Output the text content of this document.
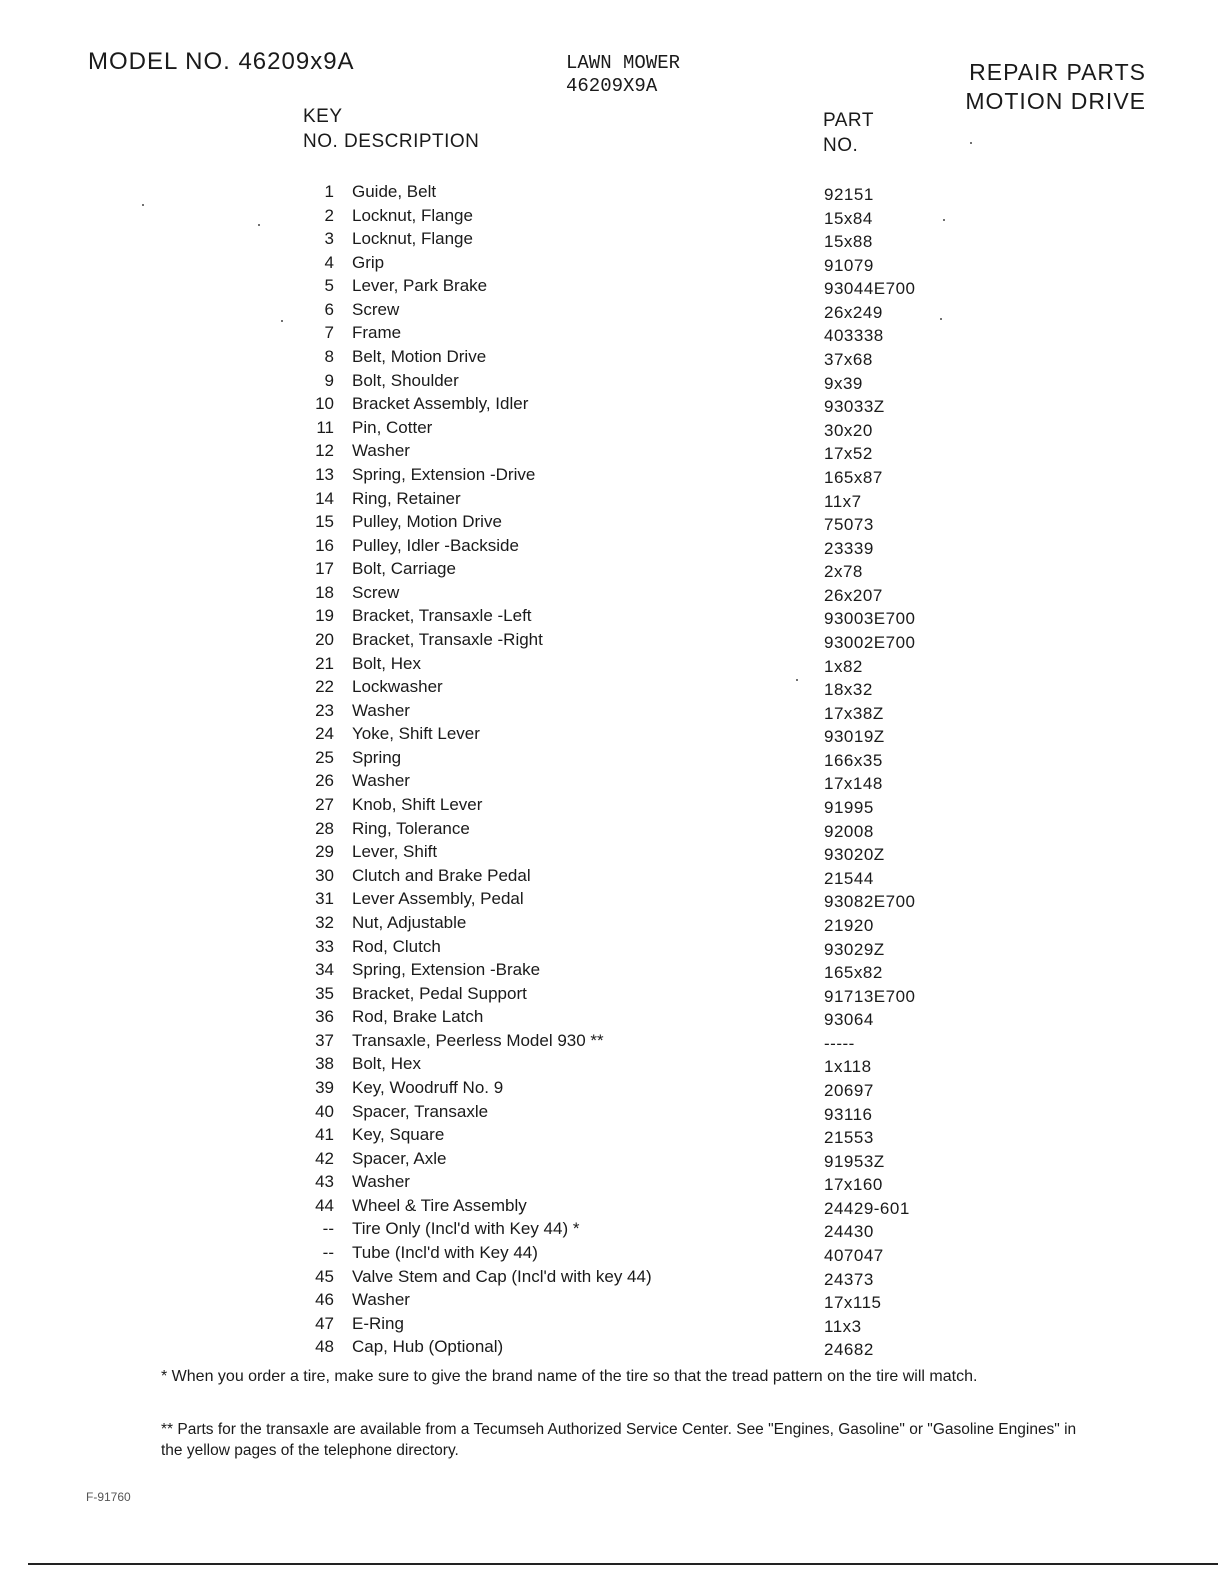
MODEL NO. 46209x9A	LAWN MOWER
46209X9A
REPAIR PARTS
MOTION DRIVE
KEY
NO. DESCRIPTION
PART
NO.
1 Guide, Belt	92151
2 Locknut, Flange	15x84
3 Locknut, Flange	15x88
4 Grip	91079
5 Lever, Park Brake	93044E700
6 Screw	26x249
7 Frame	403338
8 Belt, Motion Drive	37x68
9 Bolt, Shoulder	9x39
10 Bracket Assembly, Idler	93033Z
11 Pin, Cotter	30x20
12 Washer	17x52
13 Spring, Extension -Drive	165x87
14 Ring, Retainer	11x7
15 Pulley, Motion Drive	75073
16 Pulley, Idler -Backside	23339
17 Bolt, Carriage	2x78
18 Screw	26x207
19 Bracket, Transaxle -Left	93003E700
20 Bracket, Transaxle -Right	93002E700
21 Bolt, Hex	1x82
22 Lockwasher	18x32
23 Washer	17x38Z
24 Yoke, Shift Lever	93019Z
25 Spring	166x35
26 Washer	17x148
27 Knob, Shift Lever	91995
28 Ring, Tolerance	92008
29 Lever, Shift	93020Z
30 Clutch and Brake Pedal	21544
31 Lever Assembly, Pedal	93082E700
32 Nut, Adjustable	21920
33 Rod, Clutch	93029Z
34 Spring, Extension -Brake	165x82
35 Bracket, Pedal Support	91713E700
36 Rod, Brake Latch	93064
37 Transaxle, Peerless Model 930 **	-----
38 Bolt, Hex	1x118
39 Key, Woodruff No. 9	20697
40 Spacer, Transaxle	93116
41 Key, Square	21553
42 Spacer, Axle	91953Z
43 Washer	17x160
44 Wheel & Tire Assembly	24429-601
-- Tire Only (Incl'd with Key 44) *	24430
-- Tube (Incl'd with Key 44)	407047
45 Valve Stem and Cap (Incl'd with key 44)	24373
46 Washer	17x115
47 E-Ring	11x3
48 Cap, Hub (Optional)	24682
* When you order a tire, make sure to give the brand name of the tire so that the tread pattern on the tire will match.
** Parts for the transaxle are available from a Tecumseh Authorized Service Center. See "Engines, Gasoline" or "Gasoline Engines" in the yellow pages of the telephone directory.
F-91760
